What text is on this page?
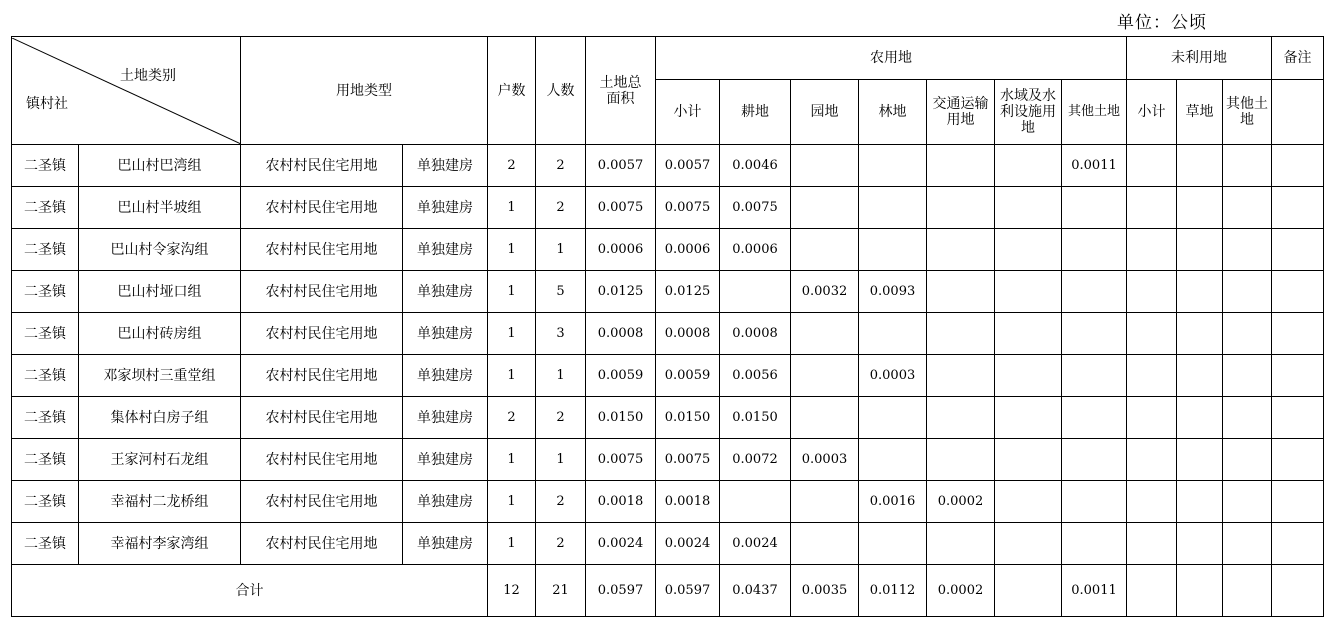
单位：公顷
土地类别
镇村社		用地类型		户数	人数	土地总面积	农用地							未利用地			备注
							小计	耕地	园地	林地	交通运输用地	水域及水利设施用地	其他土地	小计	草地	其他土地	

二圣镇	巴山村巴湾组	农村村民住宅用地	单独建房	2	2	0.0057	0.0057	0.0046					0.0011				
二圣镇	巴山村半坡组	农村村民住宅用地	单独建房	1	2	0.0075	0.0075	0.0075									
二圣镇	巴山村令家沟组	农村村民住宅用地	单独建房	1	1	0.0006	0.0006	0.0006									
二圣镇	巴山村垭口组	农村村民住宅用地	单独建房	1	5	0.0125	0.0125		0.0032	0.0093							
二圣镇	巴山村砖房组	农村村民住宅用地	单独建房	1	3	0.0008	0.0008	0.0008									
二圣镇	邓家坝村三重堂组	农村村民住宅用地	单独建房	1	1	0.0059	0.0059	0.0056		0.0003							
二圣镇	集体村白房子组	农村村民住宅用地	单独建房	2	2	0.0150	0.0150	0.0150									
二圣镇	王家河村石龙组	农村村民住宅用地	单独建房	1	1	0.0075	0.0075	0.0072	0.0003								
二圣镇	幸福村二龙桥组	农村村民住宅用地	单独建房	1	2	0.0018	0.0018			0.0016	0.0002						
二圣镇	幸福村李家湾组	农村村民住宅用地	单独建房	1	2	0.0024	0.0024	0.0024									
合计				12	21	0.0597	0.0597	0.0437	0.0035	0.0112	0.0002		0.0011				
